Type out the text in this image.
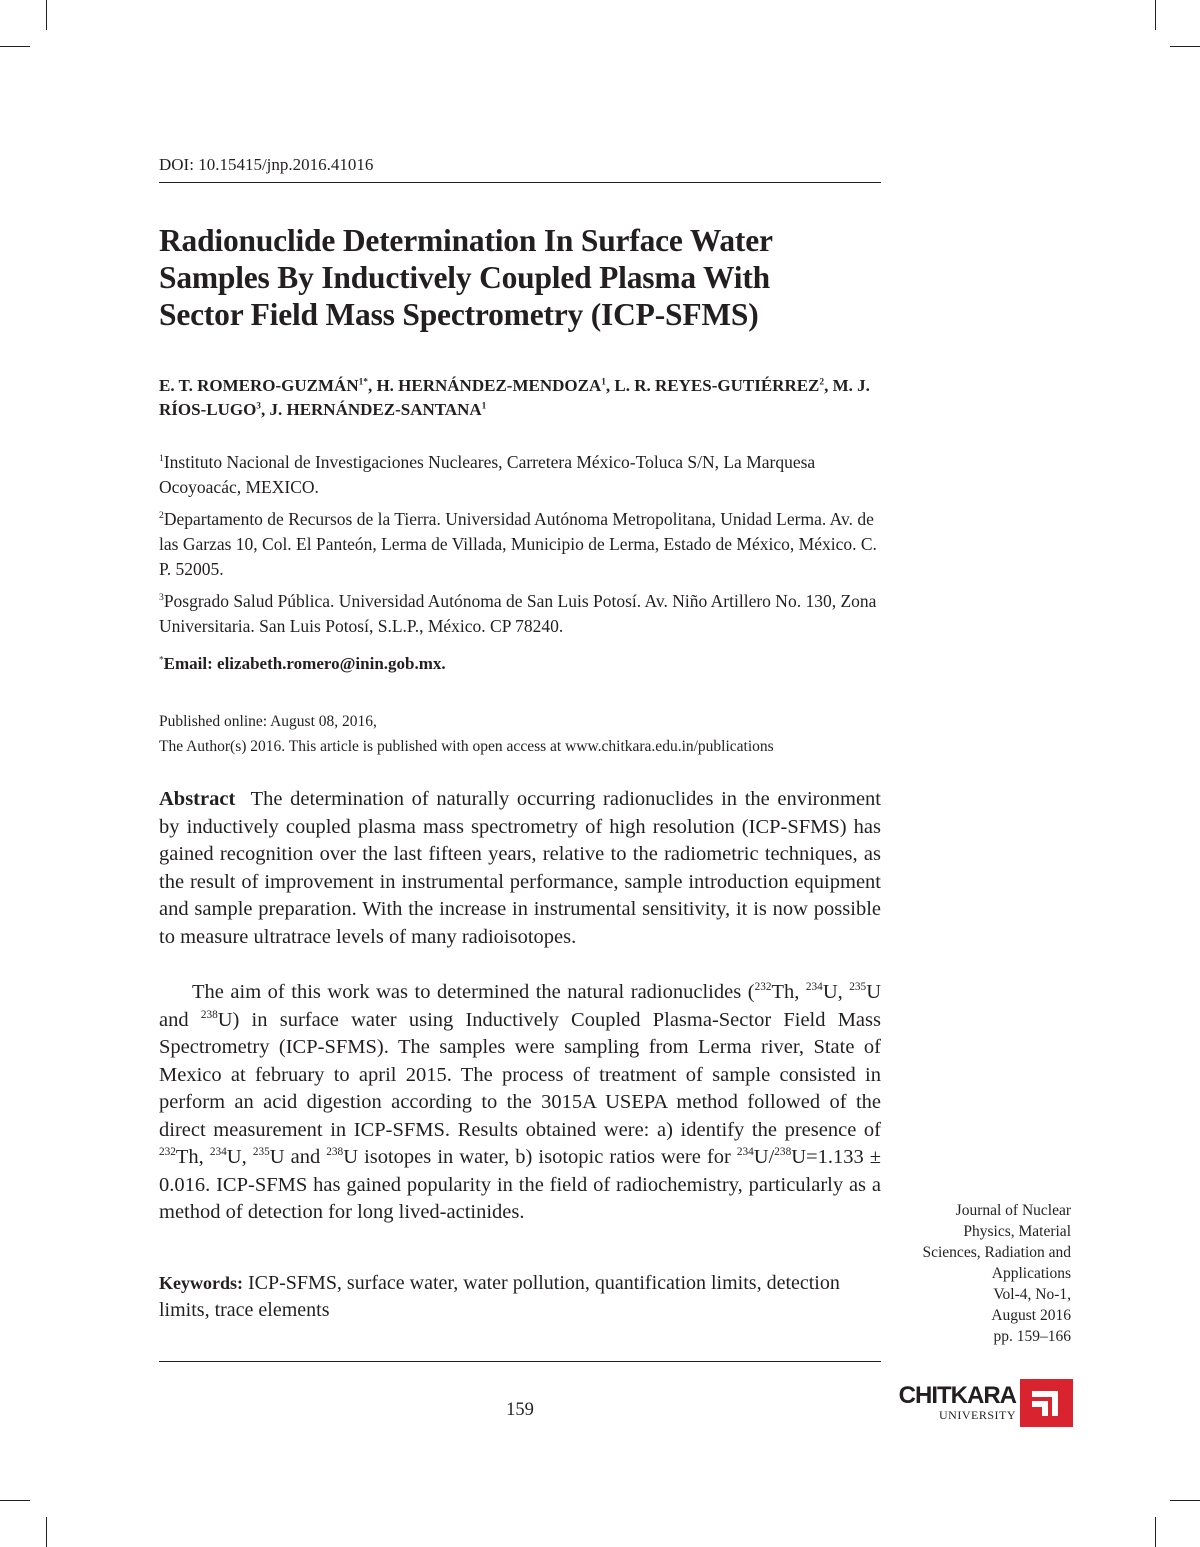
DOI: 10.15415/jnp.2016.41016
Radionuclide Determination In Surface Water
Samples By Inductively Coupled Plasma With
Sector Field Mass Spectrometry (ICP-SFMS)
E. T. ROMERO-$GUZMÁN^{1*}$, H. HERNÁNDEZ-MENDOZA$^1$, L. R. REYES-GUTIÉRREZ$^2$, M. J. RÍOS-LUGO$^3$, J. HERNÁNDEZ-SANTANA$^1$
$^1$Instituto Nacional de Investigaciones Nucleares, Carretera México-Toluca S/N, La Marquesa Ocoyoacác, MEXICO.
$^2$Departamento de Recursos de la Tierra. Universidad Autónoma Metropolitana, Unidad Lerma. Av. de las Garzas 10, Col. El Panteón, Lerma de Villada, Municipio de Lerma, Estado de México, México. C. P. 52005.
$^3$Posgrado Salud Pública. Universidad Autónoma de San Luis Potosí. Av. Niño Artillero No. 130, Zona Universitaria. San Luis Potosí, S.L.P., México. CP 78240.
*Email: elizabeth.romero@inin.gob.mx.
Published online: August 08, 2016,
The Author(s) 2016. This article is published with open access at www.chitkara.edu.in/publications

Abstract The determination of naturally occurring radionuclides in the environment by inductively coupled plasma mass spectrometry of high resolution (ICP-SFMS) has gained recognition over the last fifteen years, relative to the radiometric techniques, as the result of improvement in instrumental performance, sample introduction equipment and sample preparation. With the increase in instrumental sensitivity, it is now possible to measure ultratrace levels of many radioisotopes.

The aim of this work was to determined the natural radionuclides ($^{232}$Th, $^{234}$U, $^{235}$U and $^{238}$U) in surface water using Inductively Coupled Plasma-Sector Field Mass Spectrometry (ICP-SFMS). The samples were sampling from Lerma river, State of Mexico at february to april 2015. The process of treatment of sample consisted in perform an acid digestion according to the 3015A USEPA method followed of the direct measurement in ICP-SFMS. Results obtained were: a) identify the presence of $^{232}$Th, $^{234}$U, $^{235}$U and $^{238}$U isotopes in water, b) isotopic ratios were for $^{234}$U/$^{238}$U=1.133 ± 0.016. ICP-SFMS has gained popularity in the field of radiochemistry, particularly as a method of detection for long lived-actinides.

Keywords: ICP-SFMS, surface water, water pollution, quantification limits, detection limits, trace elements
Journal of Nuclear
Physics, Material
Sciences, Radiation and
Applications
Vol-4, No-1,
August 2016
pp. 159–166
159
CHITKARA
UNIVERSITY
